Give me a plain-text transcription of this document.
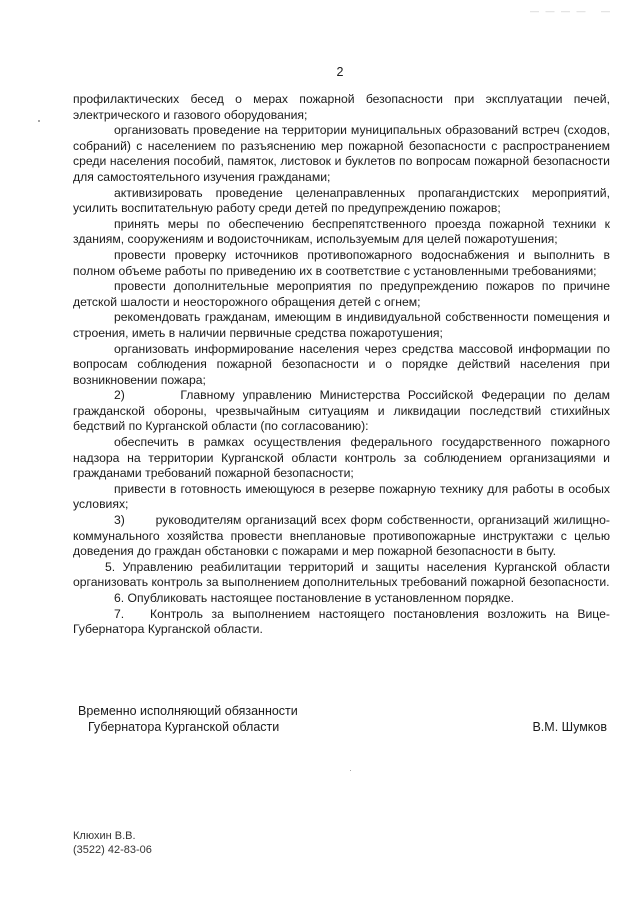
— — — —   —
2

профилактических бесед о мерах пожарной безопасности при эксплуатации печей, электрического и газового оборудования;

организовать проведение на территории муниципальных образований встреч (сходов, собраний) с населением по разъяснению мер пожарной безопасности с распространением среди населения пособий, памяток, листовок и буклетов по вопросам пожарной безопасности для самостоятельного изучения гражданами;

активизировать проведение целенаправленных пропагандистских мероприятий, усилить воспитательную работу среди детей по предупреждению пожаров;

принять меры по обеспечению беспрепятственного проезда пожарной техники к зданиям, сооружениям и водоисточникам, используемым для целей пожаротушения;

провести проверку источников противопожарного водоснабжения и выполнить в полном объеме работы по приведению их в соответствие с установленными требованиями;

провести дополнительные мероприятия по предупреждению пожаров по причине детской шалости и неосторожного обращения детей с огнем;

рекомендовать гражданам, имеющим в индивидуальной собственности помещения и строения, иметь в наличии первичные средства пожаротушения;

организовать информирование населения через средства массовой информации по вопросам соблюдения пожарной безопасности и о порядке действий населения при возникновении пожара;

2)       Главному управлению Министерства Российской Федерации по делам гражданской обороны, чрезвычайным ситуациям и ликвидации последствий стихийных бедствий по Курганской области (по согласованию):

обеспечить в рамках осуществления федерального государственного пожарного надзора на территории Курганской области контроль за соблюдением организациями и гражданами требований пожарной безопасности;

привести в готовность имеющуюся в резерве пожарную технику для работы в особых условиях;

3)       руководителям организаций всех форм собственности, организаций жилищно-коммунального хозяйства провести внеплановые противопожарные инструктажи с целью доведения до граждан обстановки с пожарами и мер пожарной безопасности в быту.

5. Управлению реабилитации территорий и защиты населения Курганской области организовать контроль за выполнением дополнительных требований пожарной безопасности.

6. Опубликовать настоящее постановление в установленном порядке.

7.   Контроль за выполнением настоящего постановления возложить на Вице-Губернатора Курганской области.

Временно исполняющий обязанности
Губернатора Курганской области	В.М. Шумков
Клюхин В.В.
(3522) 42-83-06
